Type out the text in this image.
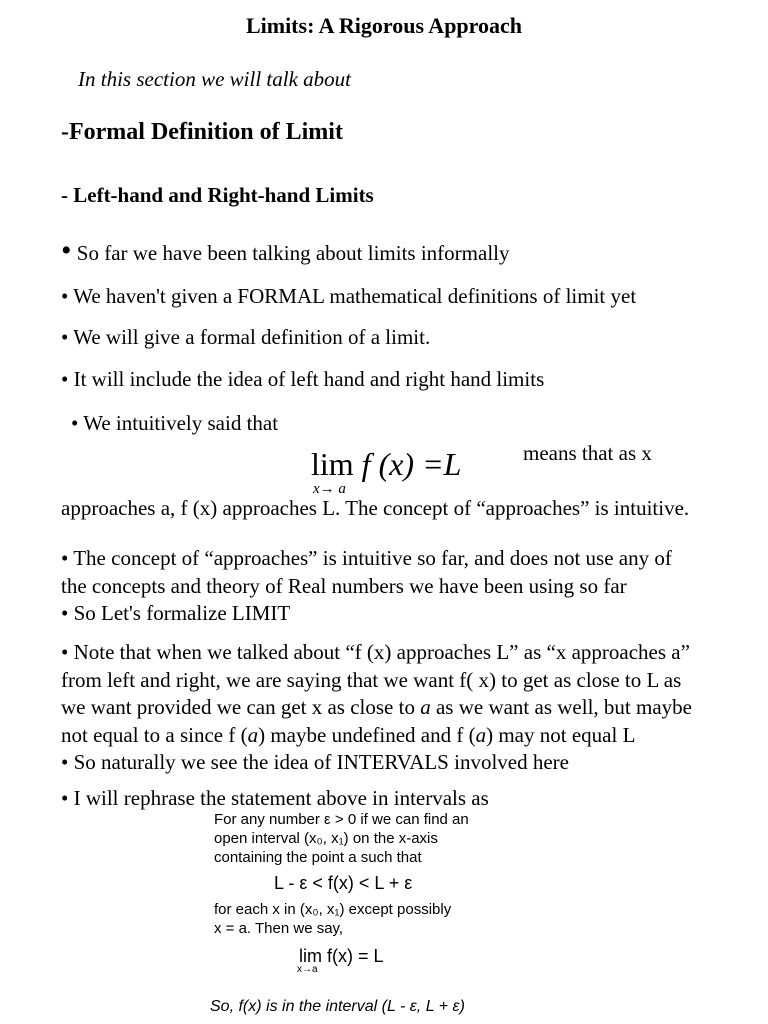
Limits: A Rigorous Approach
In this section we will talk about
-Formal Definition of Limit
- Left-hand and Right-hand Limits
• So far we have been talking about limits informally
• We haven't given a FORMAL mathematical definitions of limit yet
• We will give a formal definition of a limit.
• It will include the idea of left hand and right hand limits
• We intuitively said that
lim f (x) =L
x→ a
means that as x
approaches a, f (x) approaches L. The concept of “approaches” is intuitive.
• The concept of “approaches” is intuitive so far, and does not use any of
the concepts and theory of Real numbers we have been using so far
• So Let's formalize LIMIT
• Note that when we talked about “f (x) approaches L” as “x approaches a”
from left and right, we are saying that we want f( x) to get as close to L as
we want provided we can get x as close to a as we want as well, but maybe
not equal to a since f (a) maybe undefined and f (a) may not equal L
• So naturally we see the idea of INTERVALS involved here
• I will rephrase the statement above in intervals as
For any number ε > 0 if we can find an
open interval (x₀, x₁) on the x-axis
containing the point a such that
L - ε < f(x) < L + ε
for each x in (x₀, x₁) except possibly
x = a. Then we say,
lim f(x) = L
x→a
So, f(x) is in the interval (L - ε, L + ε)
